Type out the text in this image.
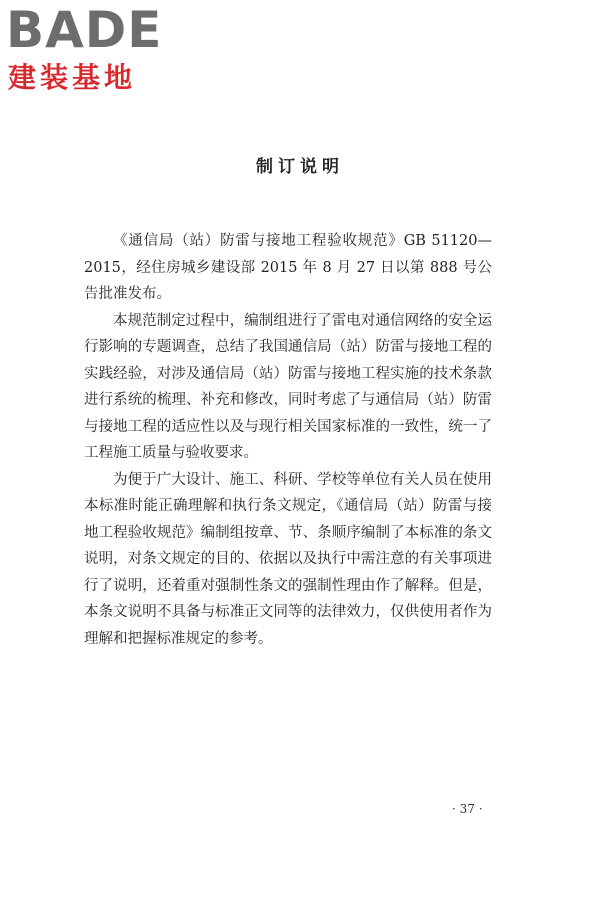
BADE
建装基地
制订说明

《通信局（站）防雷与接地工程验收规范》GB 51120—2015，经住房城乡建设部 2015 年 8 月 27 日以第 888 号公告批准发布。

本规范制定过程中，编制组进行了雷电对通信网络的安全运行影响的专题调查，总结了我国通信局（站）防雷与接地工程的实践经验，对涉及通信局（站）防雷与接地工程实施的技术条款进行系统的梳理、补充和修改，同时考虑了与通信局（站）防雷与接地工程的适应性以及与现行相关国家标准的一致性，统一了工程施工质量与验收要求。

为便于广大设计、施工、科研、学校等单位有关人员在使用本标准时能正确理解和执行条文规定，《通信局（站）防雷与接地工程验收规范》编制组按章、节、条顺序编制了本标准的条文说明，对条文规定的目的、依据以及执行中需注意的有关事项进行了说明，还着重对强制性条文的强制性理由作了解释。但是，本条文说明不具备与标准正文同等的法律效力，仅供使用者作为理解和把握标准规定的参考。

· 37 ·
